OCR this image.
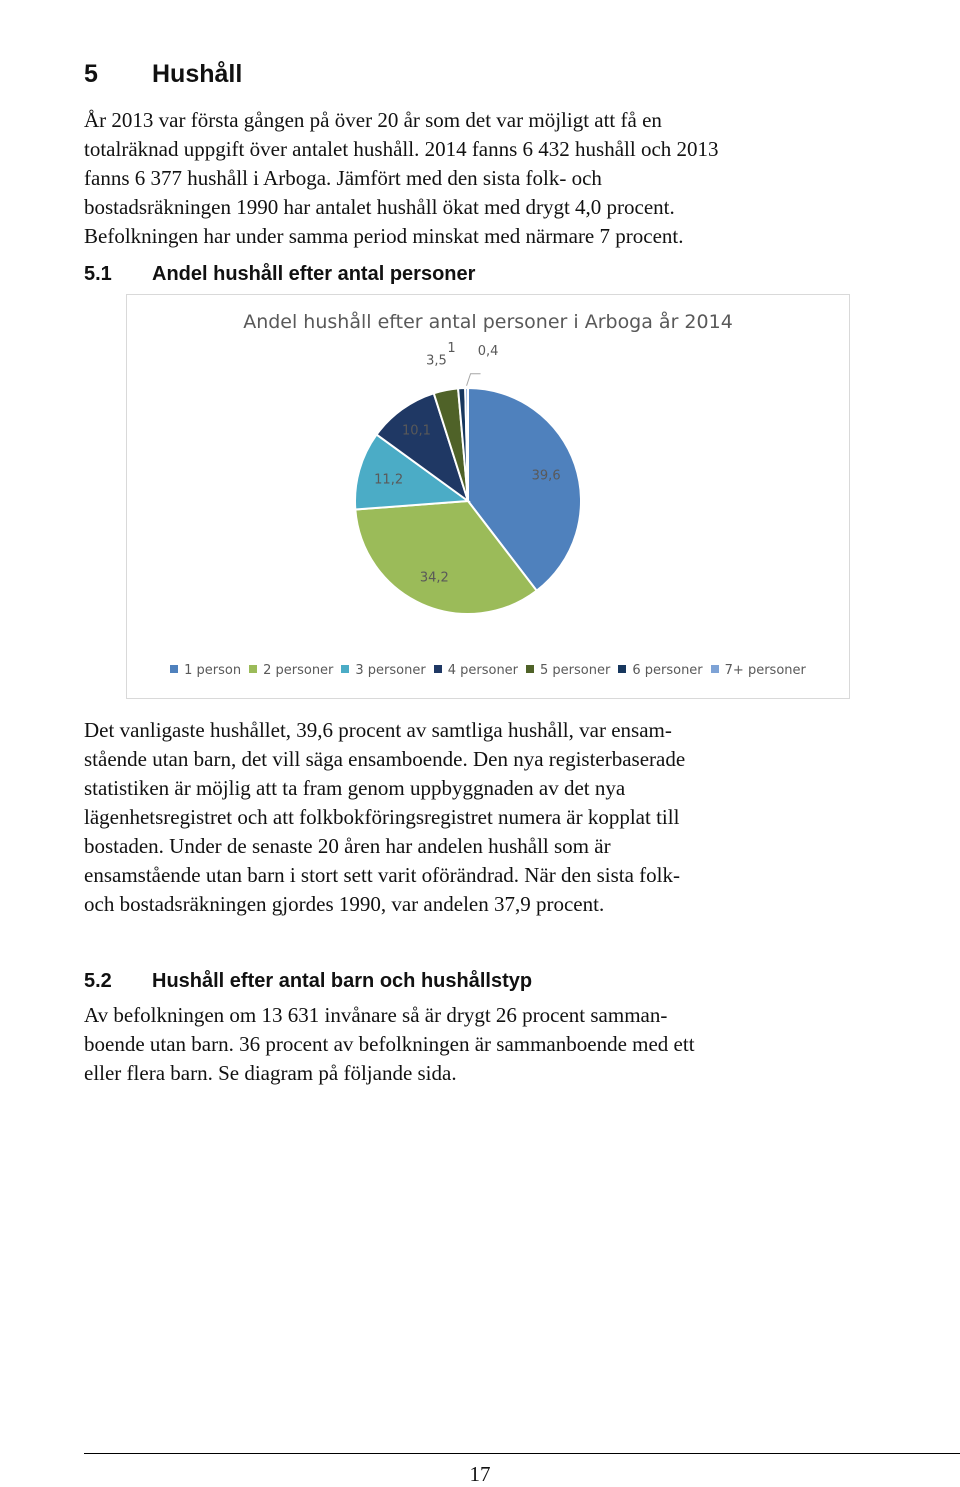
5 Hushåll
År 2013 var första gången på över 20 år som det var möjligt att få en
totalräknad uppgift över antalet hushåll. 2014 fanns 6 432 hushåll och 2013
fanns 6 377 hushåll i Arboga. Jämfört med den sista folk- och
bostadsräkningen 1990 har antalet hushåll ökat med drygt 4,0 procent.
Befolkningen har under samma period minskat med närmare 7 procent.
5.1 Andel hushåll efter antal personer
Andel hushåll efter antal personer i Arboga år 2014
39,6
34,2
11,2
10,1
3,5
1 0,4
1 person 2 personer 3 personer 4 personer 5 personer 6 personer 7+ personer
Det vanligaste hushållet, 39,6 procent av samtliga hushåll, var ensam-
stående utan barn, det vill säga ensamboende. Den nya registerbaserade
statistiken är möjlig att ta fram genom uppbyggnaden av det nya
lägenhetsregistret och att folkbokföringsregistret numera är kopplat till
bostaden. Under de senaste 20 åren har andelen hushåll som är
ensamstående utan barn i stort sett varit oförändrad. När den sista folk-
och bostadsräkningen gjordes 1990, var andelen 37,9 procent.
5.2 Hushåll efter antal barn och hushållstyp
Av befolkningen om 13 631 invånare så är drygt 26 procent samman-
boende utan barn. 36 procent av befolkningen är sammanboende med ett
eller flera barn. Se diagram på följande sida.
17
